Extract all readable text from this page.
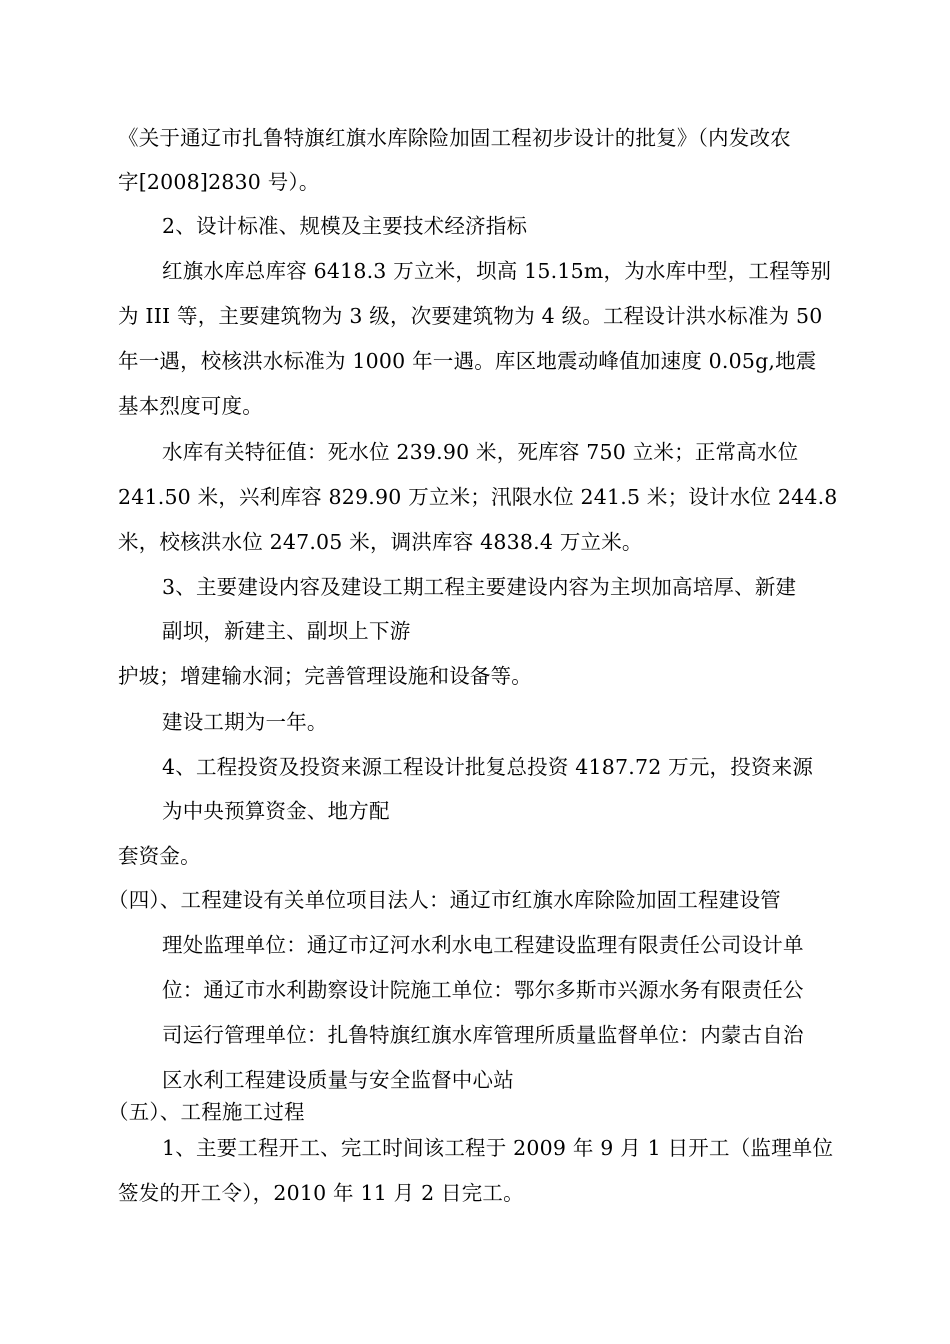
《关于通辽市扎鲁特旗红旗水库除险加固工程初步设计的批复》（内发改农
字[2008]2830 号）。
2、设计标准、规模及主要技术经济指标
红旗水库总库容 6418.3 万立米，坝高 15.15m，为水库中型，工程等别
为 III 等，主要建筑物为 3 级，次要建筑物为 4 级。工程设计洪水标准为 50
年一遇，校核洪水标准为 1000 年一遇。库区地震动峰值加速度 0.05g,地震
基本烈度可度。
水库有关特征值：死水位 239.90 米，死库容 750 立米；正常高水位
241.50 米，兴利库容 829.90 万立米；汛限水位 241.5 米；设计水位 244.8
米，校核洪水位 247.05 米，调洪库容 4838.4 万立米。
3、主要建设内容及建设工期工程主要建设内容为主坝加高培厚、新建
副坝，新建主、副坝上下游
护坡；增建输水洞；完善管理设施和设备等。
建设工期为一年。
4、工程投资及投资来源工程设计批复总投资 4187.72 万元，投资来源
为中央预算资金、地方配
套资金。
（四）、工程建设有关单位项目法人：通辽市红旗水库除险加固工程建设管
理处监理单位：通辽市辽河水利水电工程建设监理有限责任公司设计单
位：通辽市水利勘察设计院施工单位：鄂尔多斯市兴源水务有限责任公
司运行管理单位：扎鲁特旗红旗水库管理所质量监督单位：内蒙古自治
区水利工程建设质量与安全监督中心站
（五）、工程施工过程
1、主要工程开工、完工时间该工程于 2009 年 9 月 1 日开工（监理单位
签发的开工令），2010 年 11 月 2 日完工。
